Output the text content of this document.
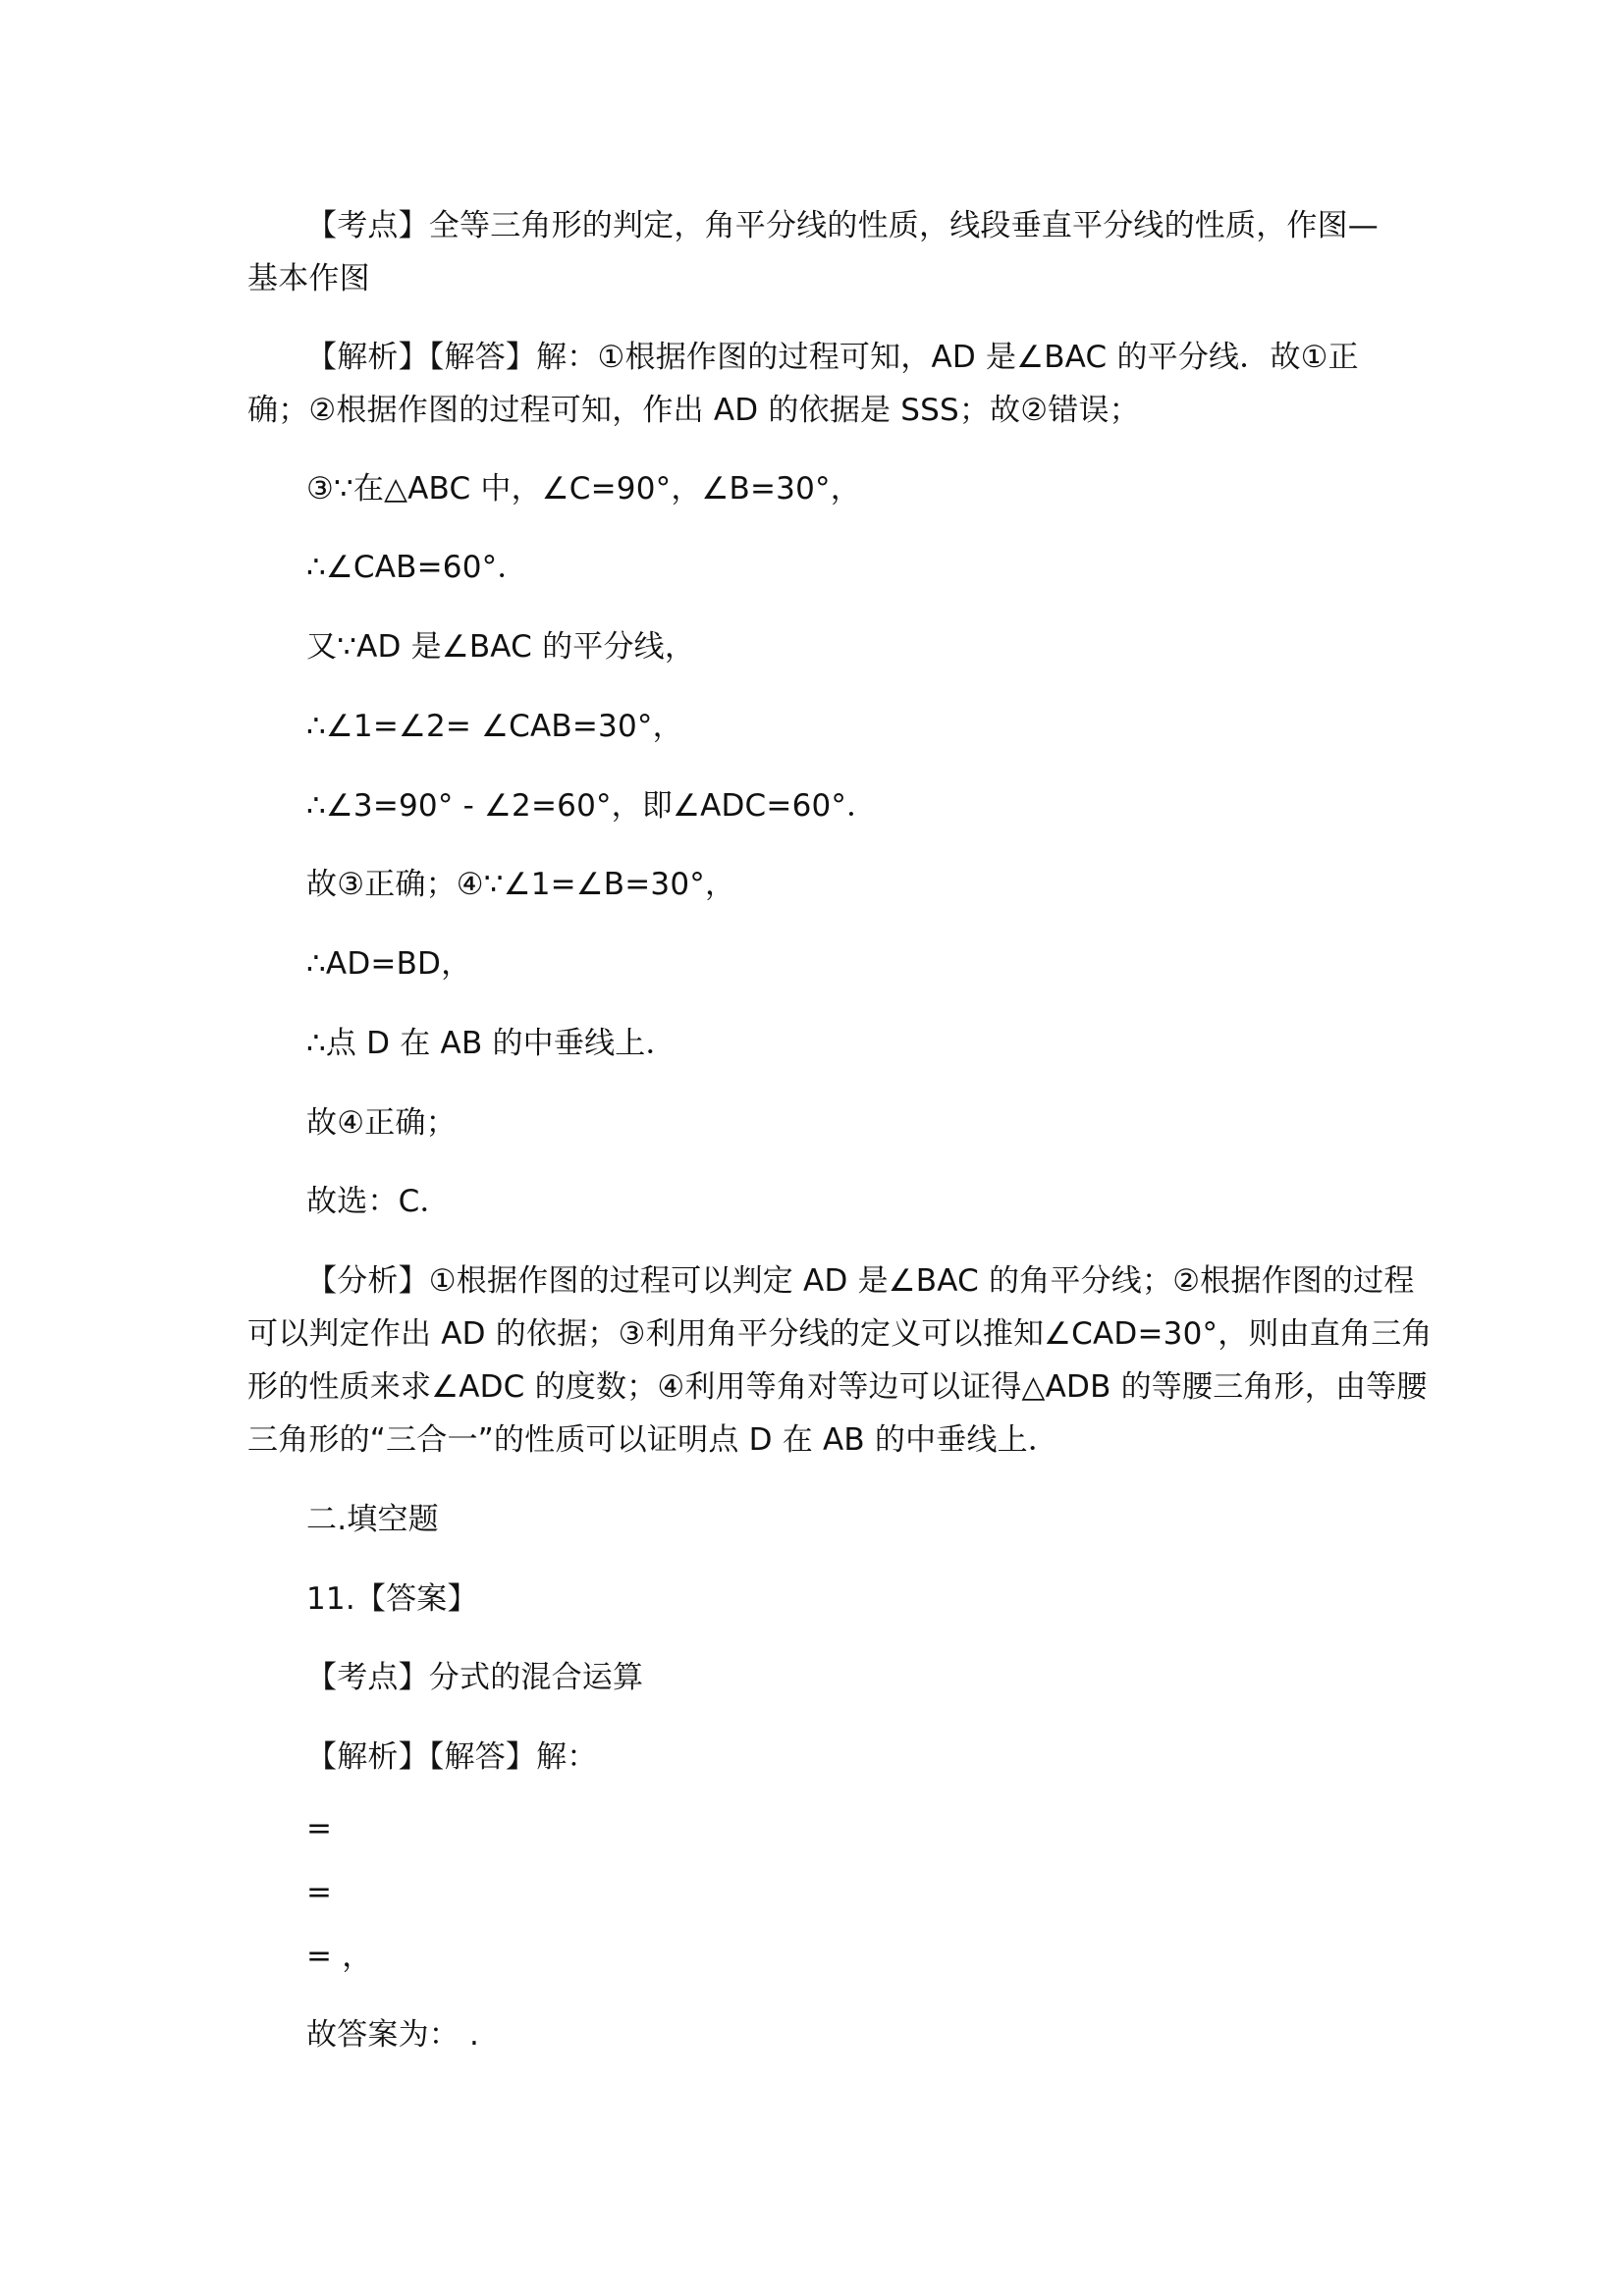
【考点】全等三角形的判定，角平分线的性质，线段垂直平分线的性质，作图—
基本作图
【解析】【解答】解：①根据作图的过程可知，AD 是∠BAC 的平分线．故①正
确；②根据作图的过程可知，作出 AD 的依据是 SSS；故②错误；
③∵在△ABC 中，∠C=90°，∠B=30°，
∴∠CAB=60°．
又∵AD 是∠BAC 的平分线，
∴∠1=∠2= ∠CAB=30°，
∴∠3=90° - ∠2=60°，即∠ADC=60°．
故③正确；④∵∠1=∠B=30°，
∴AD=BD，
∴点 D 在 AB 的中垂线上．
故④正确；
故选：C．
【分析】①根据作图的过程可以判定 AD 是∠BAC 的角平分线；②根据作图的过程
可以判定作出 AD 的依据；③利用角平分线的定义可以推知∠CAD=30°，则由直角三角
形的性质来求∠ADC 的度数；④利用等角对等边可以证得△ADB 的等腰三角形，由等腰
三角形的“三合一”的性质可以证明点 D 在 AB 的中垂线上．
二.填空题
11.【答案】
【考点】分式的混合运算
【解析】【解答】解：
=
=
= ，
故答案为： .
